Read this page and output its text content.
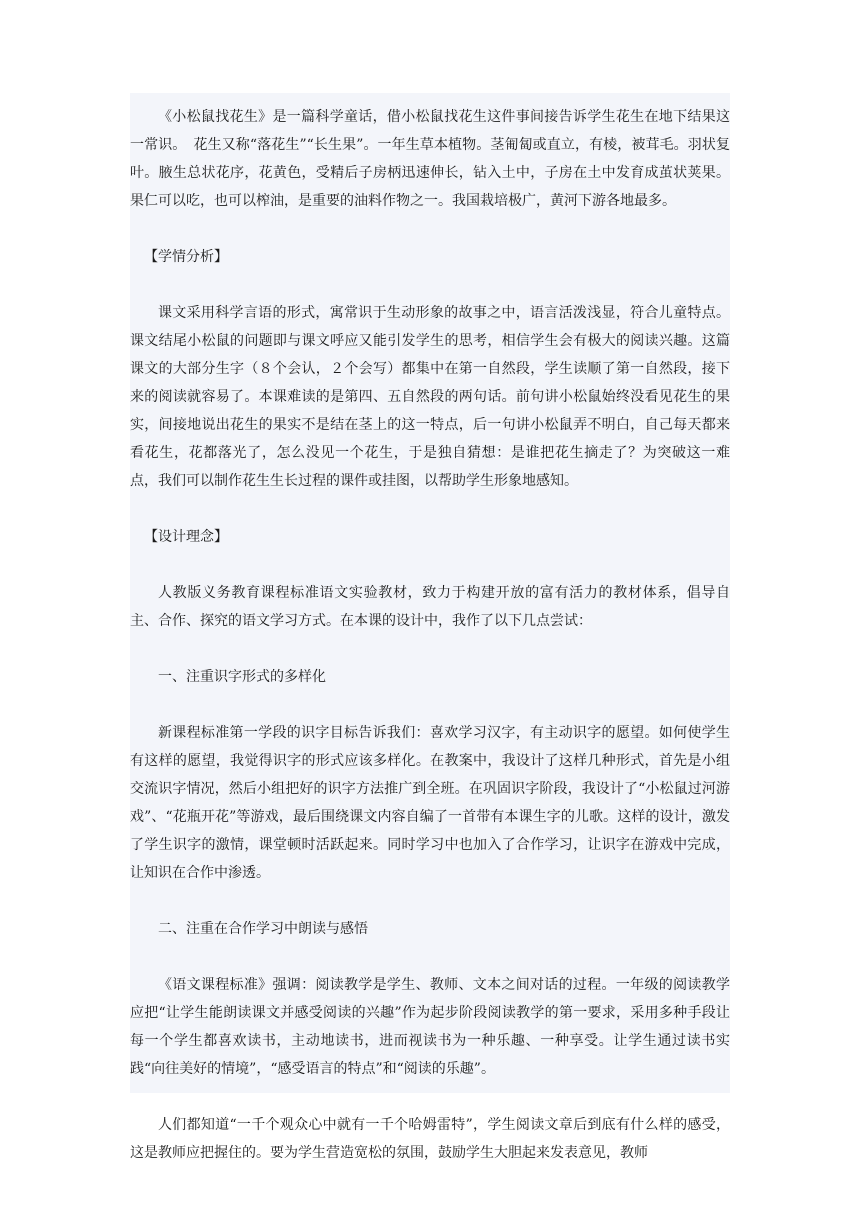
《小松鼠找花生》是一篇科学童话，借小松鼠找花生这件事间接告诉学生花生在地下结果这一常识。　花生又称“落花生”“长生果”。一年生草本植物。茎匍匐或直立，有棱，被茸毛。羽状复叶。腋生总状花序，花黄色，受精后子房柄迅速伸长，钻入土中，子房在土中发育成茧状荚果。果仁可以吃，也可以榨油，是重要的油料作物之一。我国栽培极广，黄河下游各地最多。

【学情分析】

课文采用科学言语的形式，寓常识于生动形象的故事之中，语言活泼浅显，符合儿童特点。课文结尾小松鼠的问题即与课文呼应又能引发学生的思考，相信学生会有极大的阅读兴趣。这篇课文的大部分生字（８个会认，２个会写）都集中在第一自然段，学生读顺了第一自然段，接下来的阅读就容易了。本课难读的是第四、五自然段的两句话。前句讲小松鼠始终没看见花生的果实，间接地说出花生的果实不是结在茎上的这一特点，后一句讲小松鼠弄不明白，自己每天都来看花生，花都落光了，怎么没见一个花生，于是独自猜想：是谁把花生摘走了？为突破这一难点，我们可以制作花生生长过程的课件或挂图，以帮助学生形象地感知。

【设计理念】

人教版义务教育课程标准语文实验教材，致力于构建开放的富有活力的教材体系，倡导自主、合作、探究的语文学习方式。在本课的设计中，我作了以下几点尝试：

一、注重识字形式的多样化

新课程标准第一学段的识字目标告诉我们：喜欢学习汉字，有主动识字的愿望。如何使学生有这样的愿望，我觉得识字的形式应该多样化。在教案中，我设计了这样几种形式，首先是小组交流识字情况，然后小组把好的识字方法推广到全班。在巩固识字阶段，我设计了“小松鼠过河游戏”、“花瓶开花”等游戏，最后围绕课文内容自编了一首带有本课生字的儿歌。这样的设计，激发了学生识字的激情，课堂顿时活跃起来。同时学习中也加入了合作学习，让识字在游戏中完成，让知识在合作中渗透。

二、注重在合作学习中朗读与感悟

《语文课程标准》强调：阅读教学是学生、教师、文本之间对话的过程。一年级的阅读教学应把“让学生能朗读课文并感受阅读的兴趣”作为起步阶段阅读教学的第一要求，采用多种手段让每一个学生都喜欢读书，主动地读书，进而视读书为一种乐趣、一种享受。让学生通过读书实践“向往美好的情境”，“感受语言的特点”和“阅读的乐趣”。

人们都知道“一千个观众心中就有一千个哈姆雷特”，学生阅读文章后到底有什么样的感受，这是教师应把握住的。要为学生营造宽松的氛围，鼓励学生大胆起来发表意见，教师
